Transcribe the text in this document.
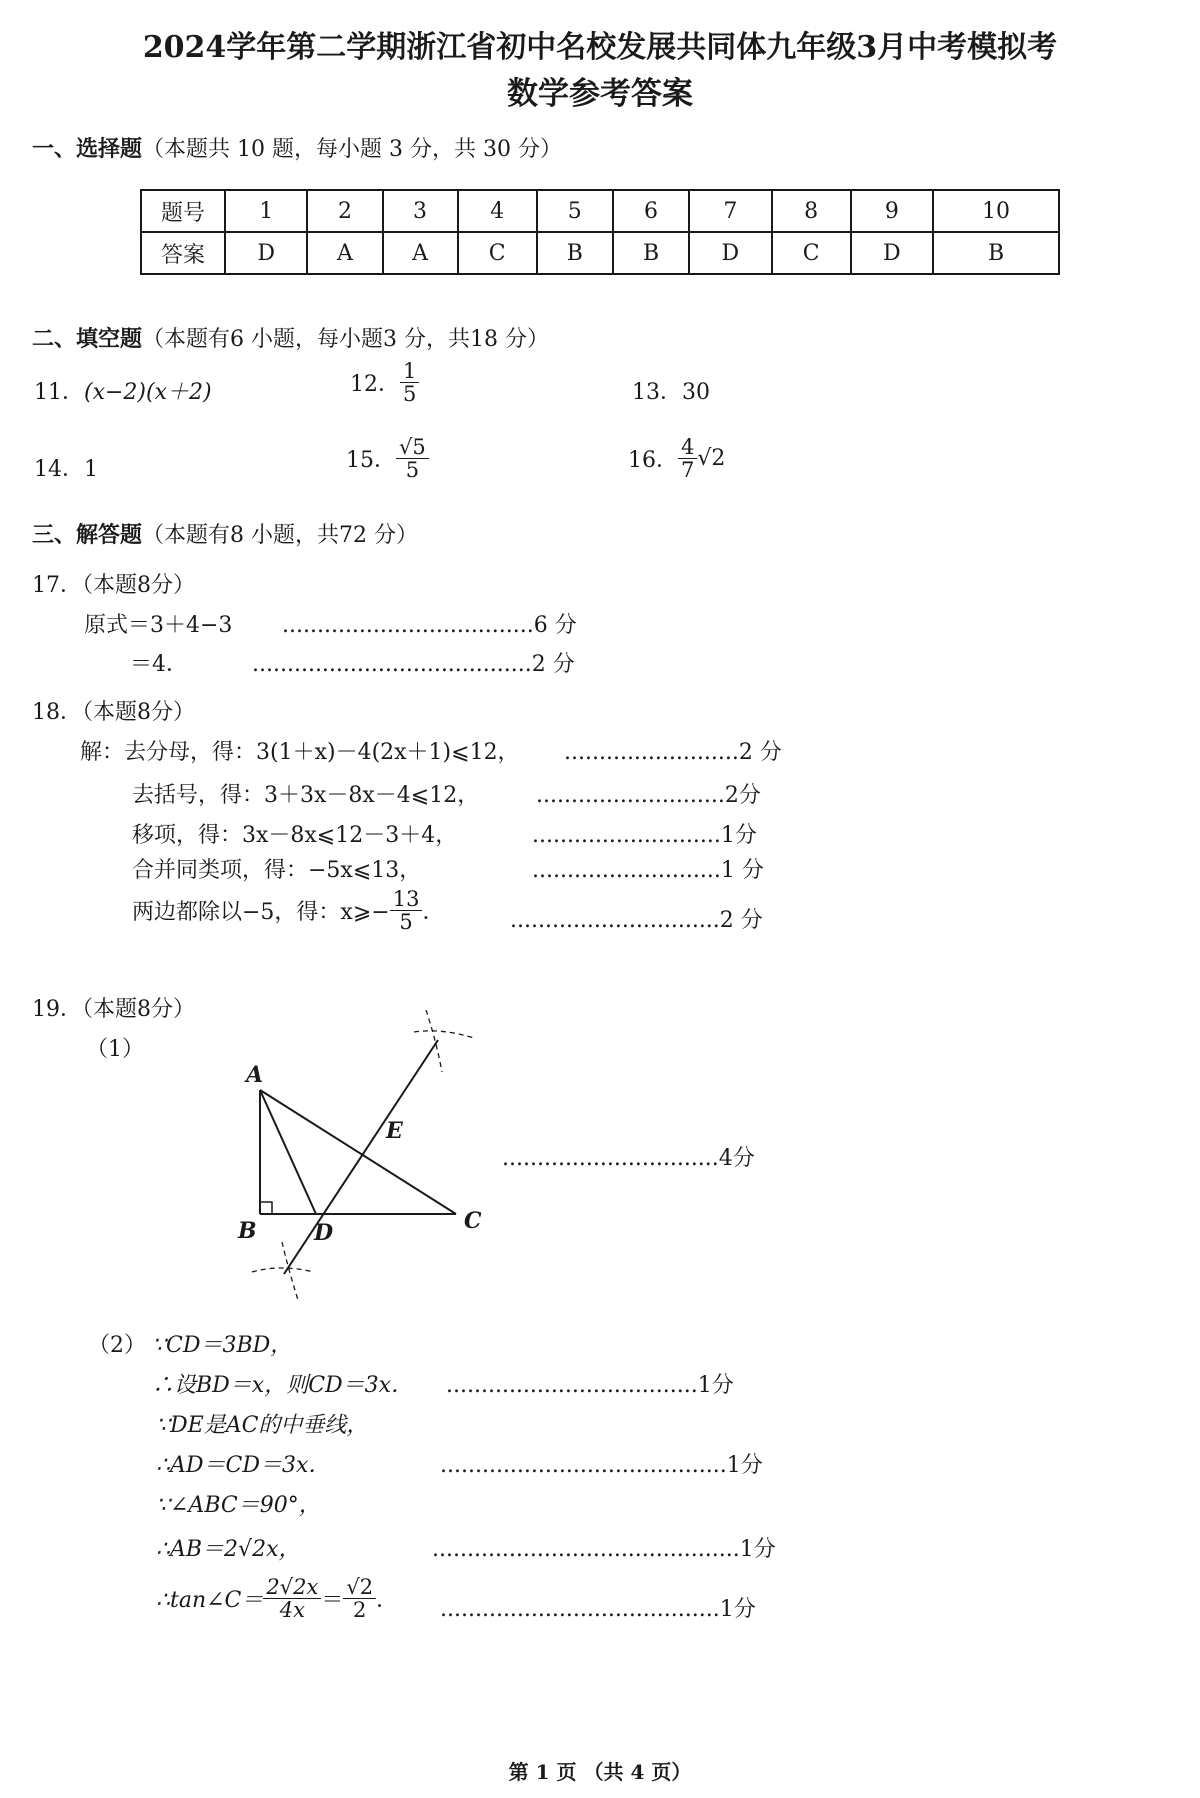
2024学年第二学期浙江省初中名校发展共同体九年级3月中考模拟考
数学参考答案
一、选择题（本题共 10 题，每小题 3 分，共 30 分）
题号	1	2	3	4	5	6	7	8	9	10
答案	D	A	A	C	B	B	D	C	D	B
二、填空题（本题有6 小题，每小题3 分，共18 分）
11．(x−2)(x＋2)	12． $\frac{1}{5}$	13．30
14．1	15． $\frac{√5}{5}$	16． $\frac{4}{7} √2$
三、解答题（本题有8 小题，共72 分）
17．（本题8分）
原式＝3＋4−3 ....................................6 分
＝4．	........................................2 分
18．（本题8分）
解：去分母，得：3(1＋x)－4(2x＋1)⩽12， .........................2 分
去括号，得：3＋3x－8x－4⩽12，	...........................2分
移项，得：3x－8x⩽12－3＋4，	...........................1分
合并同类项，得：−5x⩽13，	...........................1 分
两边都除以−5，得：x⩾− $\frac{13}{5}$ ．	..............................2 分
19．（本题8分）
（1）
A
B	C
D
E
...............................4分
（2） ∵CD＝3BD，
∴设BD＝x，则CD＝3x． ....................................1分
∵DE是AC的中垂线，
∴AD＝CD＝3x．	.........................................1分
∵∠ABC＝90°，
∴AB＝2√2x，	............................................1分
∴tan∠C＝ $\frac{2√2x}{4x} = \frac{√2}{2}$ ． ........................................1分
第 1 页 （共 4 页）
